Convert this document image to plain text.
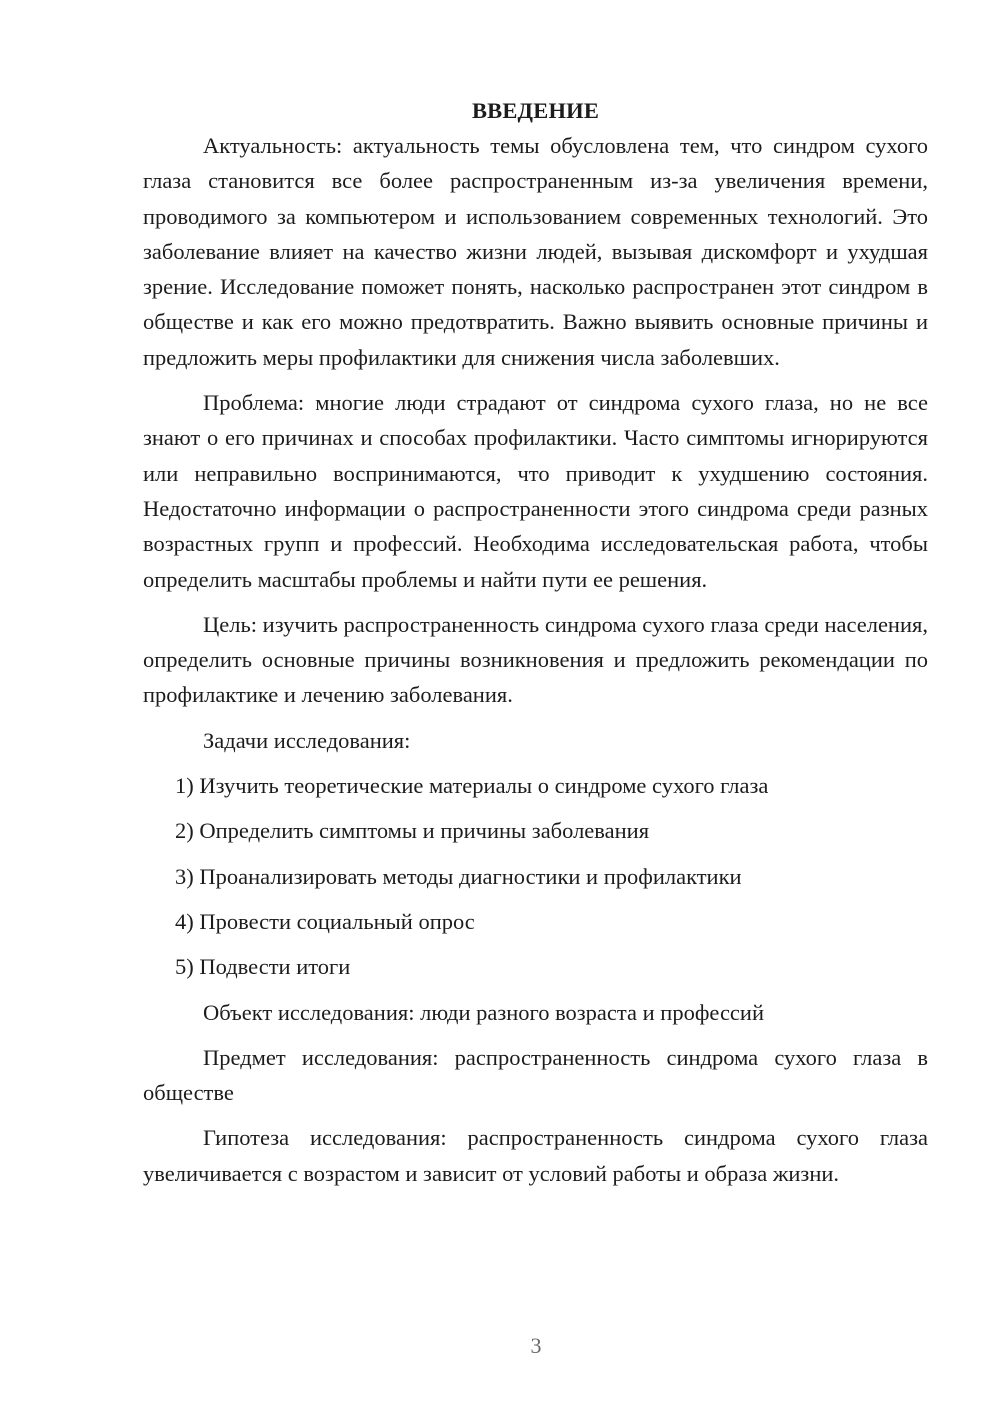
ВВЕДЕНИЕ

Актуальность: актуальность темы обусловлена тем, что синдром сухого глаза становится все более распространенным из-за увеличения времени, проводимого за компьютером и использованием современных технологий. Это заболевание влияет на качество жизни людей, вызывая дискомфорт и ухудшая зрение. Исследование поможет понять, насколько распространен этот синдром в обществе и как его можно предотвратить. Важно выявить основные причины и предложить меры профилактики для снижения числа заболевших.

Проблема: многие люди страдают от синдрома сухого глаза, но не все знают о его причинах и способах профилактики. Часто симптомы игнорируются или неправильно воспринимаются, что приводит к ухудшению состояния. Недостаточно информации о распространенности этого синдрома среди разных возрастных групп и профессий. Необходима исследовательская работа, чтобы определить масштабы проблемы и найти пути ее решения.

Цель: изучить распространенность синдрома сухого глаза среди населения, определить основные причины возникновения и предложить рекомендации по профилактике и лечению заболевания.

Задачи исследования:

1) Изучить теоретические материалы о синдроме сухого глаза
2) Определить симптомы и причины заболевания
3) Проанализировать методы диагностики и профилактики
4) Провести социальный опрос
5) Подвести итоги

Объект исследования: люди разного возраста и профессий

Предмет исследования: распространенность синдрома сухого глаза в обществе

Гипотеза исследования: распространенность синдрома сухого глаза увеличивается с возрастом и зависит от условий работы и образа жизни.

3
